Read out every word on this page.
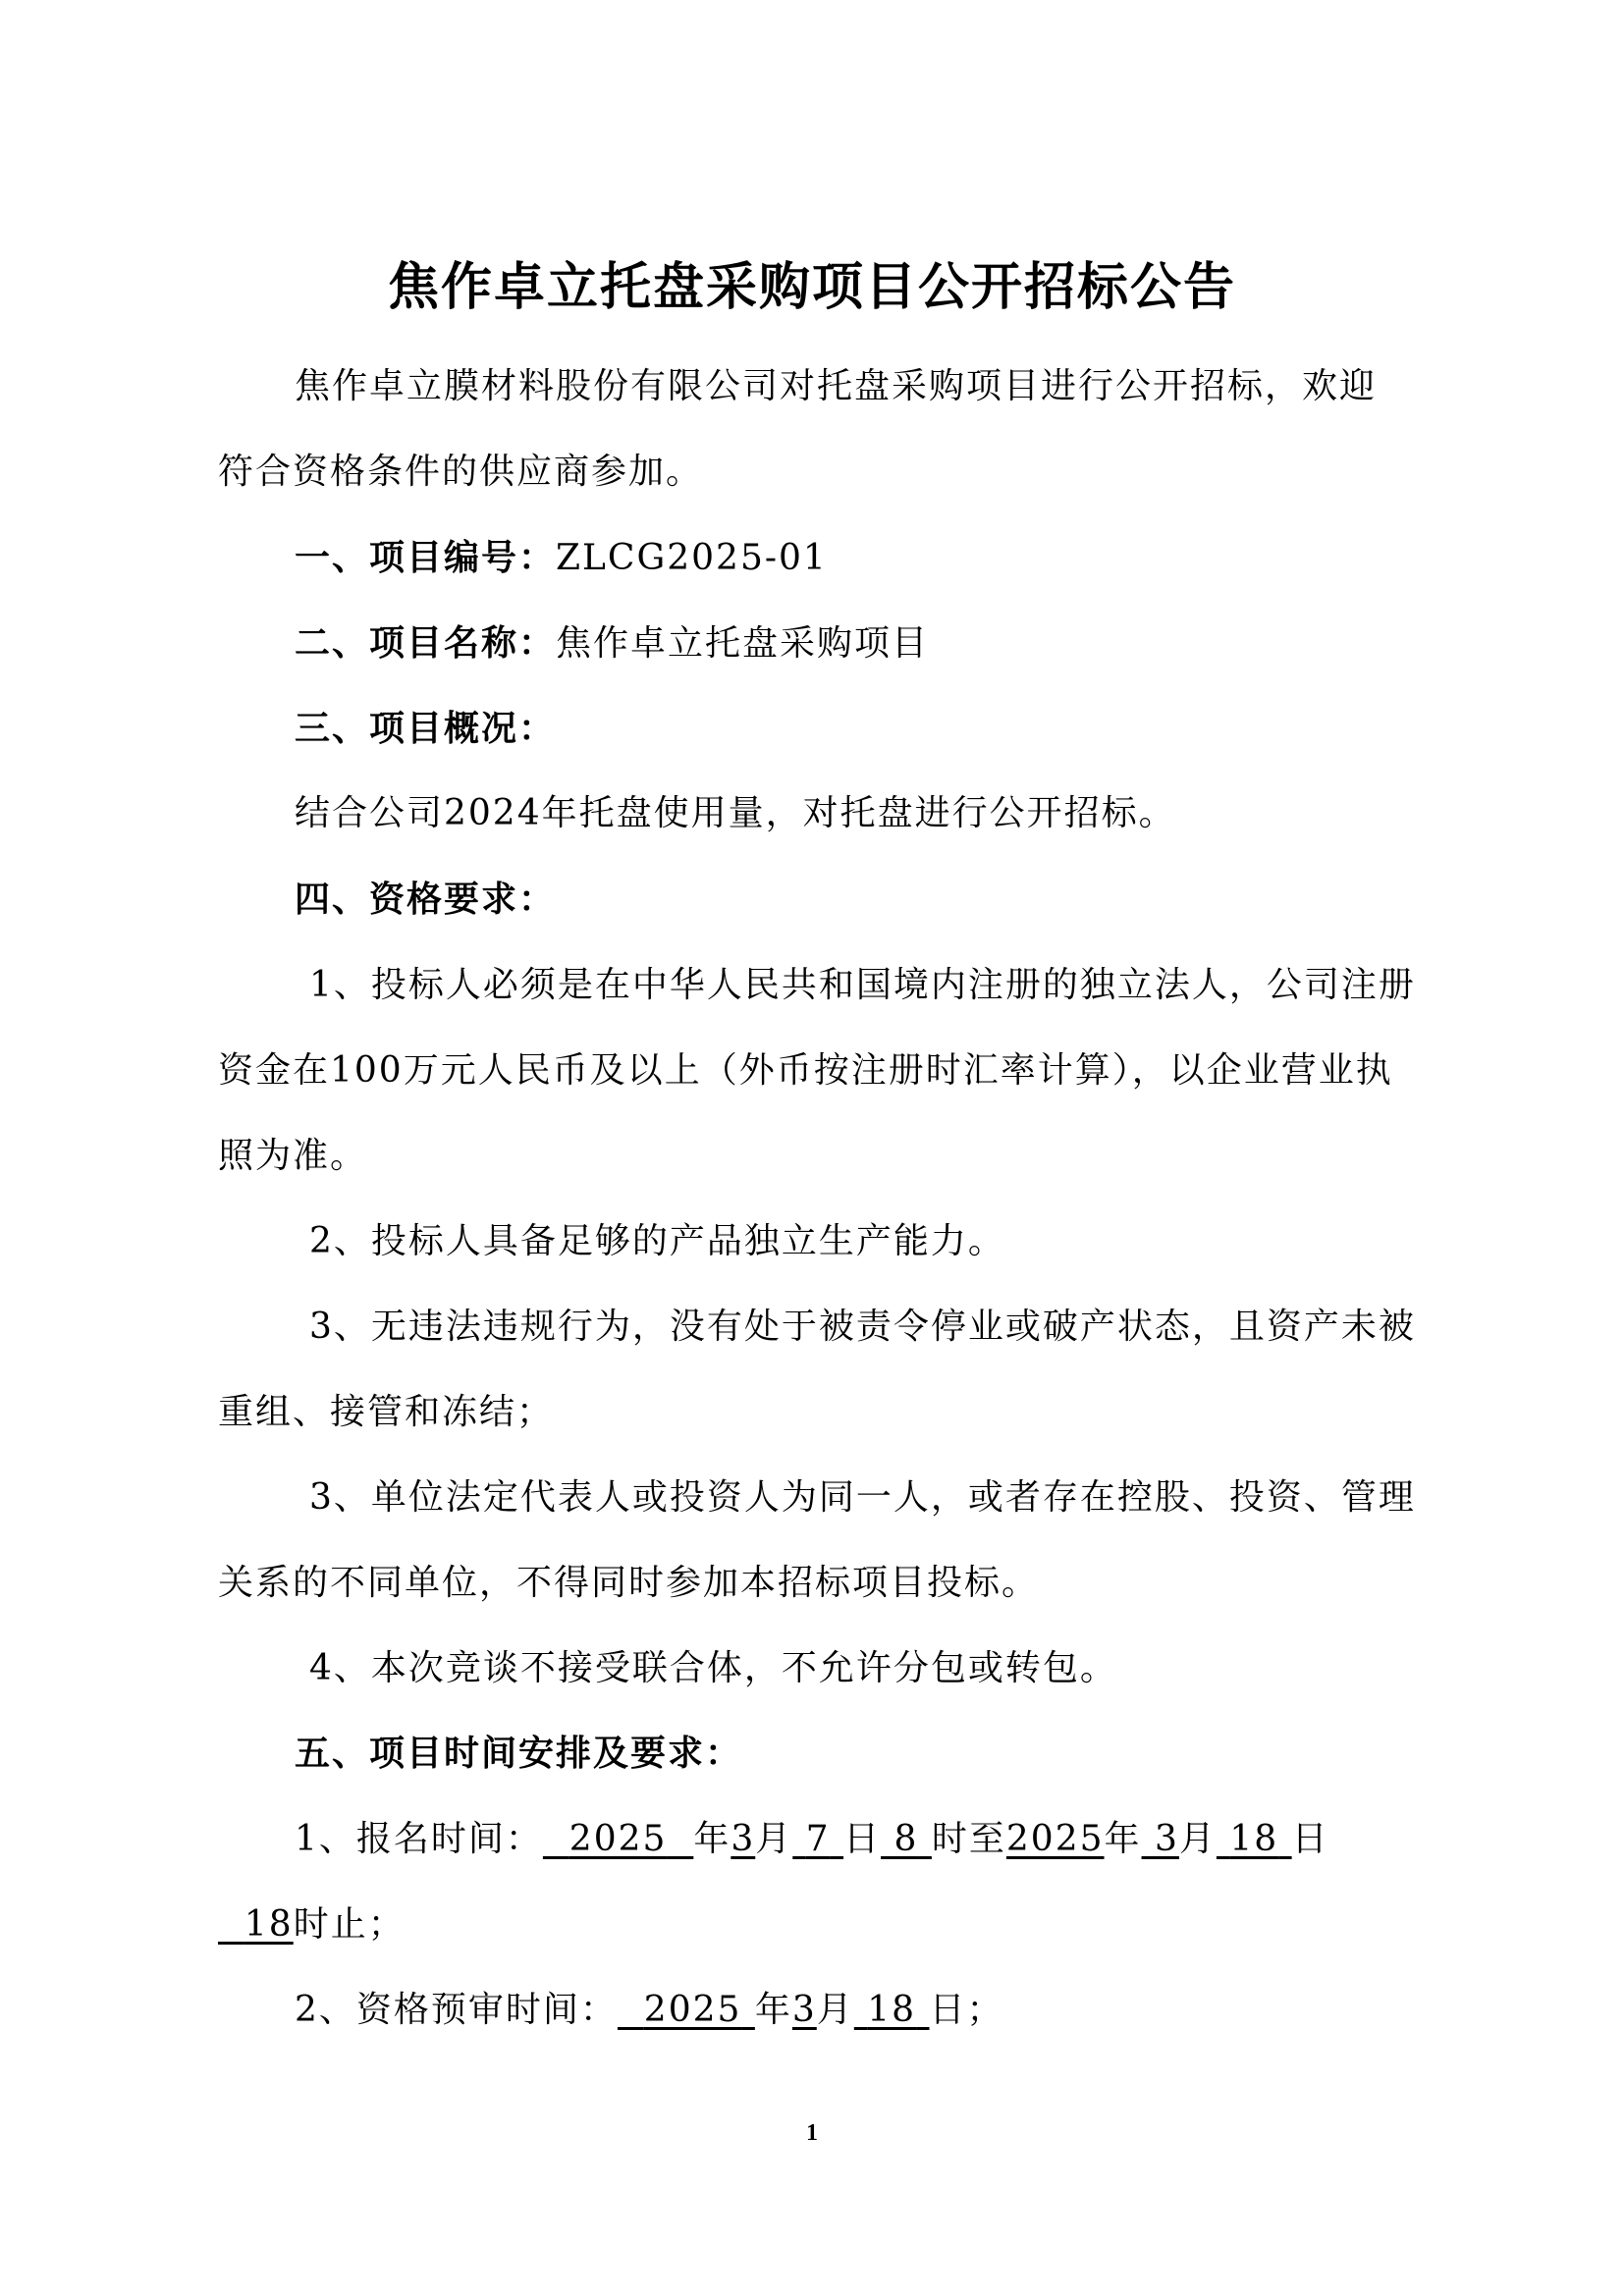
焦作卓立托盘采购项目公开招标公告
焦作卓立膜材料股份有限公司对托盘采购项目进行公开招标，欢迎
符合资格条件的供应商参加。
一、项目编号：ZLCG2025-01
二、项目名称：焦作卓立托盘采购项目
三、项目概况：
结合公司2024年托盘使用量，对托盘进行公开招标。
四、资格要求：
1、投标人必须是在中华人民共和国境内注册的独立法人，公司注册
资金在100万元人民币及以上（外币按注册时汇率计算），以企业营业执
照为准。
2、投标人具备足够的产品独立生产能力。
3、无违法违规行为，没有处于被责令停业或破产状态，且资产未被
重组、接管和冻结；
3、单位法定代表人或投资人为同一人，或者存在控股、投资、管理
关系的不同单位，不得同时参加本招标项目投标。
4、本次竞谈不接受联合体，不允许分包或转包。
五、项目时间安排及要求：
1、报名时间： 2025 年3月 7 日 8 时至2025年 3月 18 日
18时止；
2、资格预审时间： 2025 年3月 18 日；
1
